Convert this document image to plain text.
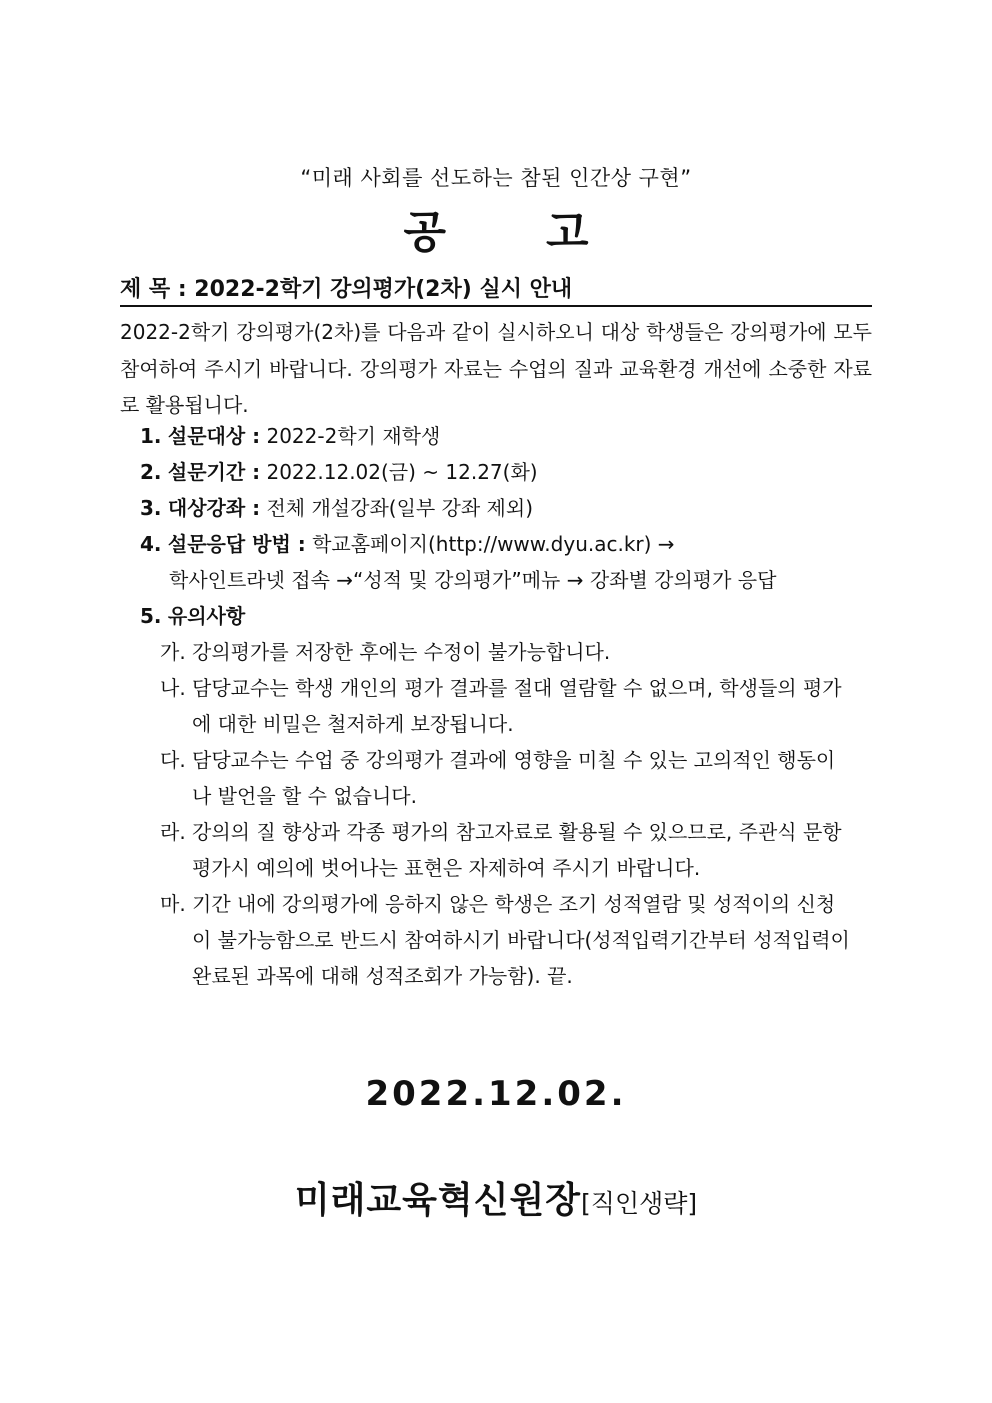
“미래 사회를 선도하는 참된 인간상 구현”
공고
제 목 : 2022-2학기 강의평가(2차) 실시 안내
2022-2학기 강의평가(2차)를 다음과 같이 실시하오니 대상 학생들은 강의평가에 모두 참여하여 주시기 바랍니다. 강의평가 자료는 수업의 질과 교육환경 개선에 소중한 자료로 활용됩니다.
1. 설문대상 : 2022-2학기 재학생
2. 설문기간 : 2022.12.02(금) ~ 12.27(화)
3. 대상강좌 : 전체 개설강좌(일부 강좌 제외)
4. 설문응답 방법 : 학교홈페이지(http://www.dyu.ac.kr) →
학사인트라넷 접속 →“성적 및 강의평가”메뉴 → 강좌별 강의평가 응답
5. 유의사항
가. 강의평가를 저장한 후에는 수정이 불가능합니다.
나. 담당교수는 학생 개인의 평가 결과를 절대 열람할 수 없으며, 학생들의 평가
에 대한 비밀은 철저하게 보장됩니다.
다. 담당교수는 수업 중 강의평가 결과에 영향을 미칠 수 있는 고의적인 행동이
나 발언을 할 수 없습니다.
라. 강의의 질 향상과 각종 평가의 참고자료로 활용될 수 있으므로, 주관식 문항
평가시 예의에 벗어나는 표현은 자제하여 주시기 바랍니다.
마. 기간 내에 강의평가에 응하지 않은 학생은 조기 성적열람 및 성적이의 신청
이 불가능함으로 반드시 참여하시기 바랍니다(성적입력기간부터 성적입력이
완료된 과목에 대해 성적조회가 가능함). 끝.
2022.12.02.
미래교육혁신원장[직인생략]
